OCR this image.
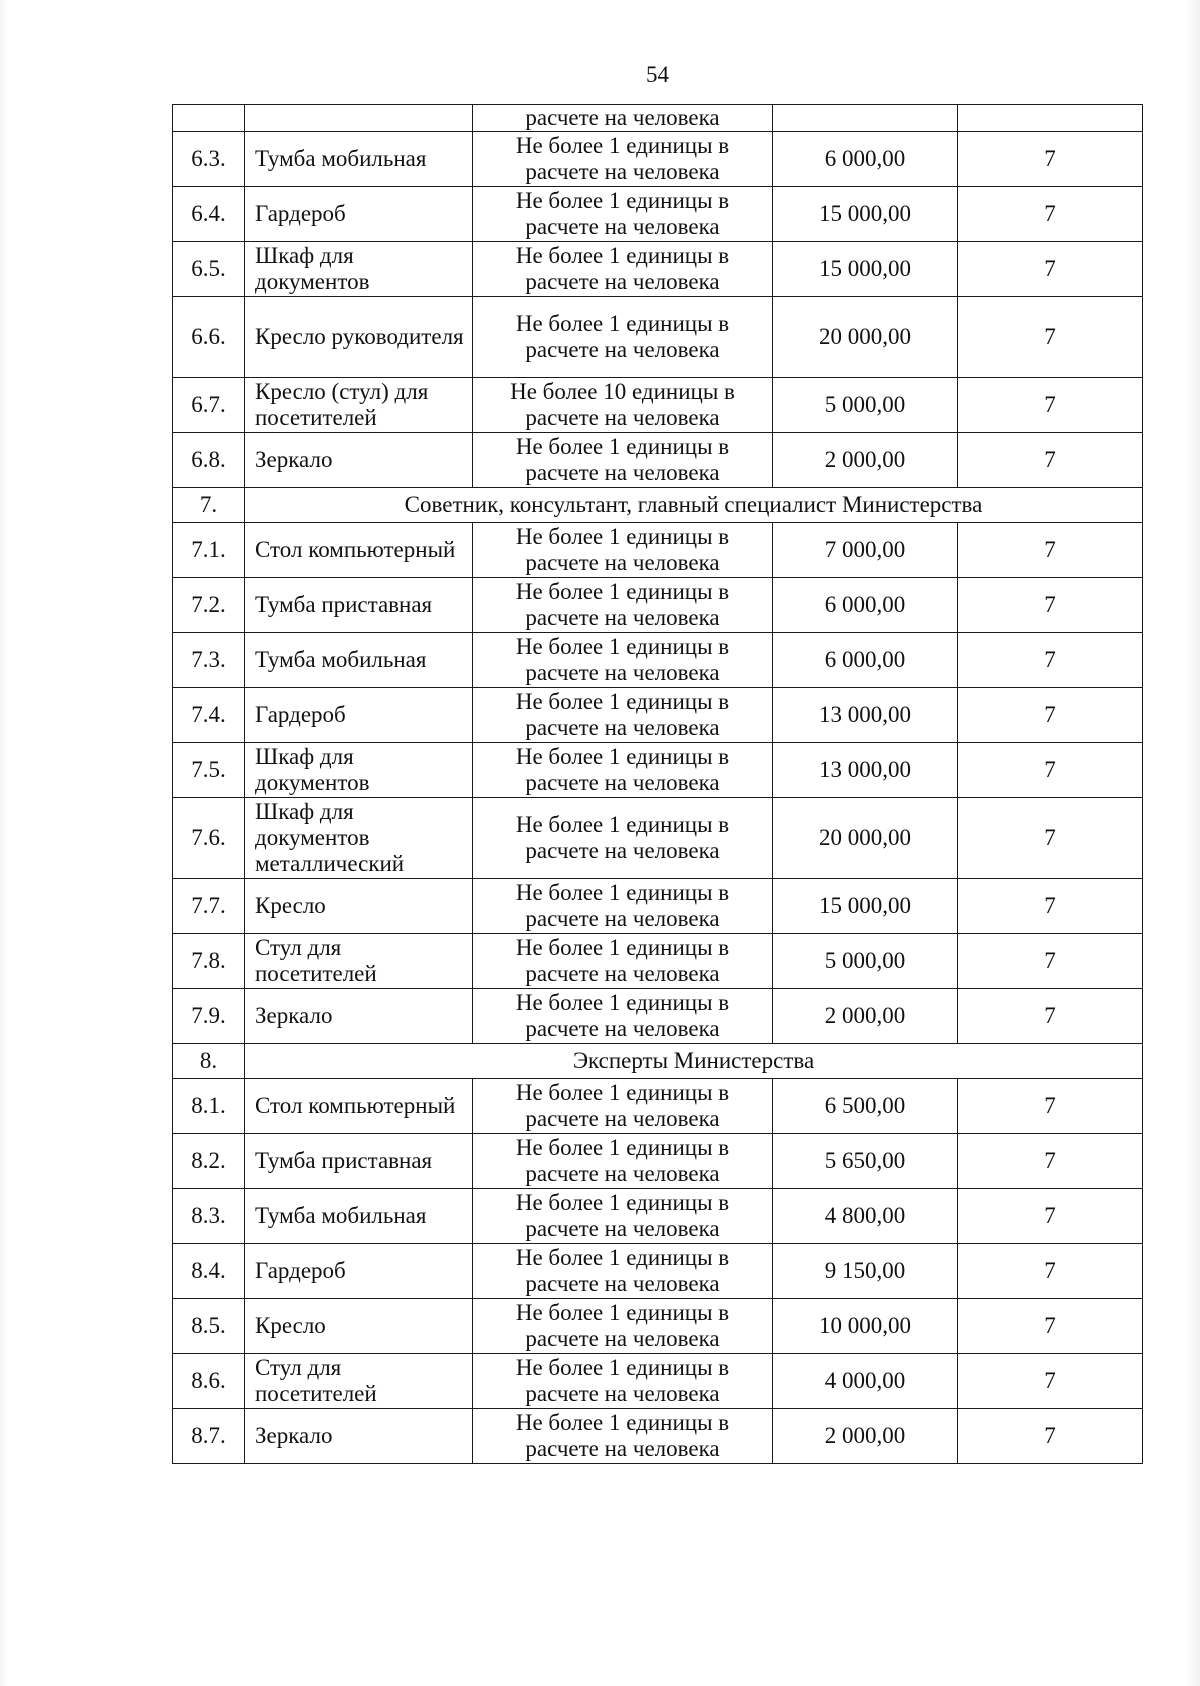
54
		расчете на человека		
6.3.	Тумба мобильная	Не более 1 единицы в расчете на человека	6 000,00	7
6.4.	Гардероб	Не более 1 единицы в расчете на человека	15 000,00	7
6.5.	Шкаф для документов	Не более 1 единицы в расчете на человека	15 000,00	7
6.6.	Кресло руководителя	Не более 1 единицы в расчете на человека	20 000,00	7
6.7.	Кресло (стул) для посетителей	Не более 10 единицы в расчете на человека	5 000,00	7
6.8.	Зеркало	Не более 1 единицы в расчете на человека	2 000,00	7
7.	Советник, консультант, главный специалист Министерства			
7.1.	Стол компьютерный	Не более 1 единицы в расчете на человека	7 000,00	7
7.2.	Тумба приставная	Не более 1 единицы в расчете на человека	6 000,00	7
7.3.	Тумба мобильная	Не более 1 единицы в расчете на человека	6 000,00	7
7.4.	Гардероб	Не более 1 единицы в расчете на человека	13 000,00	7
7.5.	Шкаф для документов	Не более 1 единицы в расчете на человека	13 000,00	7
7.6.	Шкаф для документов металлический	Не более 1 единицы в расчете на человека	20 000,00	7
7.7.	Кресло	Не более 1 единицы в расчете на человека	15 000,00	7
7.8.	Стул для посетителей	Не более 1 единицы в расчете на человека	5 000,00	7
7.9.	Зеркало	Не более 1 единицы в расчете на человека	2 000,00	7
8.	Эксперты Министерства			
8.1.	Стол компьютерный	Не более 1 единицы в расчете на человека	6 500,00	7
8.2.	Тумба приставная	Не более 1 единицы в расчете на человека	5 650,00	7
8.3.	Тумба мобильная	Не более 1 единицы в расчете на человека	4 800,00	7
8.4.	Гардероб	Не более 1 единицы в расчете на человека	9 150,00	7
8.5.	Кресло	Не более 1 единицы в расчете на человека	10 000,00	7
8.6.	Стул для посетителей	Не более 1 единицы в расчете на человека	4 000,00	7
8.7.	Зеркало	Не более 1 единицы в расчете на человека	2 000,00	7
